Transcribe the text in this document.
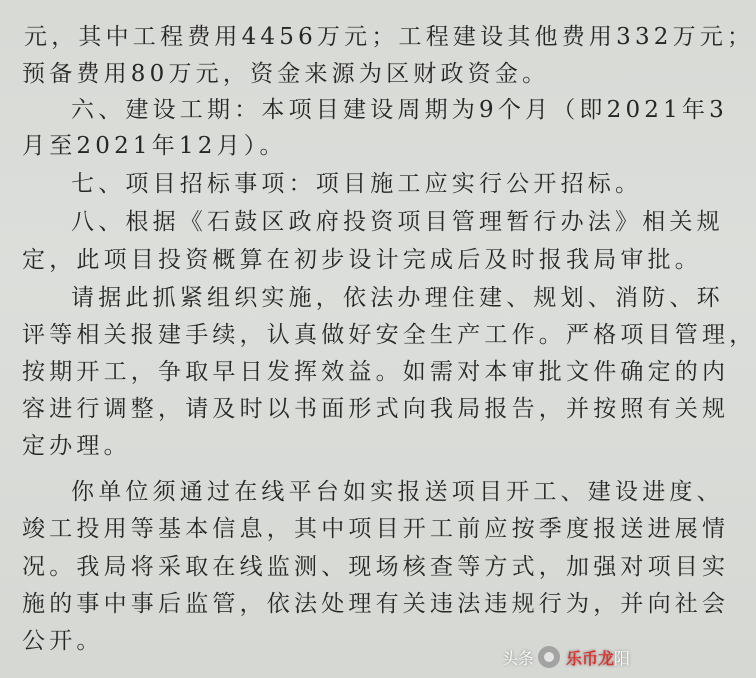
元，其中工程费用4456万元；工程建设其他费用332万元；
预备费用80万元，资金来源为区财政资金。
六、建设工期：本项目建设周期为9个月（即2021年3
月至2021年12月）。
七、项目招标事项：项目施工应实行公开招标。
八、根据《石鼓区政府投资项目管理暂行办法》相关规
定，此项目投资概算在初步设计完成后及时报我局审批。
请据此抓紧组织实施，依法办理住建、规划、消防、环
评等相关报建手续，认真做好安全生产工作。严格项目管理，
按期开工，争取早日发挥效益。如需对本审批文件确定的内
容进行调整，请及时以书面形式向我局报告，并按照有关规
定办理。
你单位须通过在线平台如实报送项目开工、建设进度、
竣工投用等基本信息，其中项目开工前应按季度报送进展情
况。我局将采取在线监测、现场核查等方式，加强对项目实
施的事中事后监管，依法处理有关违法违规行为，并向社会
公开。
头条 乐币龙 阳
